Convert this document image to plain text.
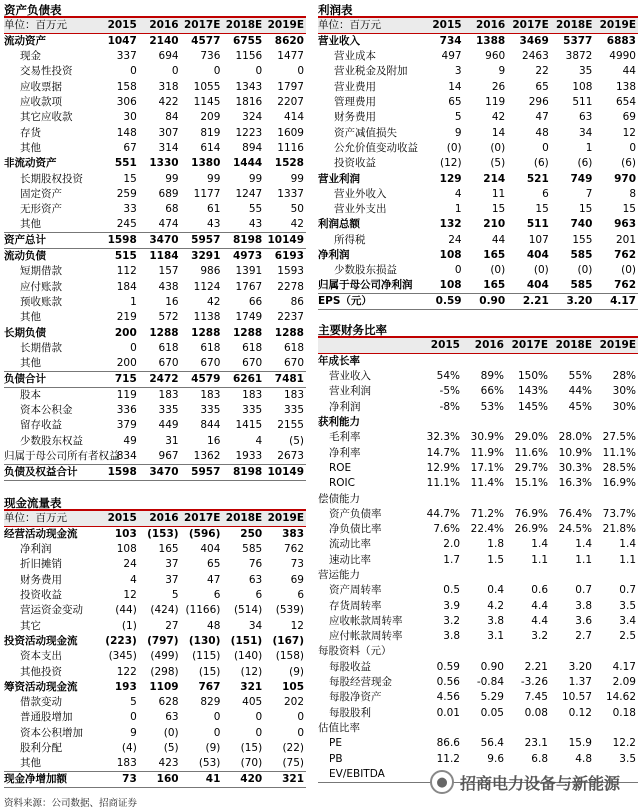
资产负债表
单位：百万元	2015	2016	2017E	2018E	2019E
流动资产	1047	2140	4577	6755	8620
现金	337	694	736	1156	1477
交易性投资	0	0	0	0	0
应收票据	158	318	1055	1343	1797
应收款项	306	422	1145	1816	2207
其它应收款	30	84	209	324	414
存货	148	307	819	1223	1609
其他	67	314	614	894	1116
非流动资产	551	1330	1380	1444	1528
长期股权投资	15	99	99	99	99
固定资产	259	689	1177	1247	1337
无形资产	33	68	61	55	50
其他	245	474	43	43	42
资产总计	1598	3470	5957	8198	10149
流动负债	515	1184	3291	4973	6193
短期借款	112	157	986	1391	1593
应付账款	184	438	1124	1767	2278
预收账款	1	16	42	66	86
其他	219	572	1138	1749	2237
长期负债	200	1288	1288	1288	1288
长期借款	0	618	618	618	618
其他	200	670	670	670	670
负债合计	715	2472	4579	6261	7481
股本	119	183	183	183	183
资本公积金	336	335	335	335	335
留存收益	379	449	844	1415	2155
少数股东权益	49	31	16	4	(5)
归属于母公司所有者权益	834	967	1362	1933	2673
负债及权益合计	1598	3470	5957	8198	10149
现金流量表
单位：百万元	2015	2016	2017E	2018E	2019E
经营活动现金流	103	(153)	(596)	250	383
净利润	108	165	404	585	762
折旧摊销	24	37	65	76	73
财务费用	4	37	47	63	69
投资收益	12	5	6	6	6
营运资金变动	(44)	(424)	(1166)	(514)	(539)
其它	(1)	27	48	34	12
投资活动现金流	(223)	(797)	(130)	(151)	(167)
资本支出	(345)	(499)	(115)	(140)	(158)
其他投资	122	(298)	(15)	(12)	(9)
筹资活动现金流	193	1109	767	321	105
借款变动	5	628	829	405	202
普通股增加	0	63	0	0	0
资本公积增加	9	(0)	0	0	0
股利分配	(4)	(5)	(9)	(15)	(22)
其他	183	423	(53)	(70)	(75)
现金净增加额	73	160	41	420	321
利润表
单位：百万元	2015	2016	2017E	2018E	2019E
营业收入	734	1388	3469	5377	6883
营业成本	497	960	2463	3872	4990
营业税金及附加	3	9	22	35	44
营业费用	14	26	65	108	138
管理费用	65	119	296	511	654
财务费用	5	42	47	63	69
资产减值损失	9	14	48	34	12
公允价值变动收益	(0)	(0)	0	1	0
投资收益	(12)	(5)	(6)	(6)	(6)
营业利润	129	214	521	749	970
营业外收入	4	11	6	7	8
营业外支出	1	15	15	15	15
利润总额	132	210	511	740	963
所得税	24	44	107	155	201
净利润	108	165	404	585	762
少数股东损益	0	(0)	(0)	(0)	(0)
归属于母公司净利润	108	165	404	585	762
EPS（元）	0.59	0.90	2.21	3.20	4.17
主要财务比率
	2015	2016	2017E	2018E	2019E
年成长率					
营业收入	54%	89%	150%	55%	28%
营业利润	-5%	66%	143%	44%	30%
净利润	-8%	53%	145%	45%	30%
获利能力					
毛利率	32.3%	30.9%	29.0%	28.0%	27.5%
净利率	14.7%	11.9%	11.6%	10.9%	11.1%
ROE	12.9%	17.1%	29.7%	30.3%	28.5%
ROIC	11.1%	11.4%	15.1%	16.3%	16.9%
偿债能力					
资产负债率	44.7%	71.2%	76.9%	76.4%	73.7%
净负债比率	7.6%	22.4%	26.9%	24.5%	21.8%
流动比率	2.0	1.8	1.4	1.4	1.4
速动比率	1.7	1.5	1.1	1.1	1.1
营运能力					
资产周转率	0.5	0.4	0.6	0.7	0.7
存货周转率	3.9	4.2	4.4	3.8	3.5
应收帐款周转率	3.2	3.8	4.4	3.6	3.4
应付帐款周转率	3.8	3.1	3.2	2.7	2.5
每股资料（元）					
每股收益	0.59	0.90	2.21	3.20	4.17
每股经营现金	0.56	-0.84	-3.26	1.37	2.09
每股净资产	4.56	5.29	7.45	10.57	14.62
每股股利	0.01	0.05	0.08	0.12	0.18
估值比率					
PE	86.6	56.4	23.1	15.9	12.2
PB	11.2	9.6	6.8	4.8	3.5
EV/EBITDA					
资料来源：公司数据、招商证券
● 招商电力设备与新能源
